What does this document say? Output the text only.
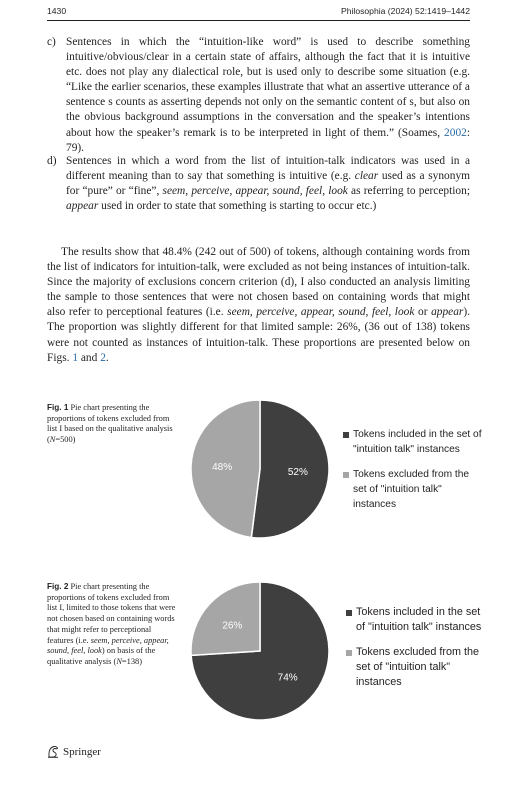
1430	Philosophia (2024) 52:1419–1442
c) Sentences in which the “intuition-like word” is used to describe something intuitive/obvious/clear in a certain state of affairs, although the fact that it is intuitive etc. does not play any dialectical role, but is used only to describe some situation (e.g. “Like the earlier scenarios, these examples illustrate that what an assertive utterance of a sentence s counts as asserting depends not only on the semantic content of s, but also on the obvious background assumptions in the conversation and the speaker’s intentions about how the speaker’s remark is to be interpreted in light of them.” (Soames, 2002: 79).
d) Sentences in which a word from the list of intuition-talk indicators was used in a different meaning than to say that something is intuitive (e.g. clear used as a synonym for “pure” or “fine”, seem, perceive, appear, sound, feel, look as referring to perception; appear used in order to state that something is starting to occur etc.)
The results show that 48.4% (242 out of 500) of tokens, although containing words from the list of indicators for intuition-talk, were excluded as not being instances of intuition-talk. Since the majority of exclusions concern criterion (d), I also conducted an analysis limiting the sample to those sentences that were not chosen based on containing words that might also refer to perceptional features (i.e. seem, perceive, appear, sound, feel, look or appear). The proportion was slightly different for that limited sample: 26%, (36 out of 138) tokens were not counted as instances of intuition-talk. These proportions are presented below on Figs. 1 and 2.
Fig. 1 Pie chart presenting the proportions of tokens excluded from list I based on the qualitative analysis (N=500)
52%
48%
Tokens included in the set of "intuition talk" instances
Tokens excluded from the set of "intuition talk" instances
Fig. 2 Pie chart presenting the proportions of tokens excluded from list I, limited to those tokens that were not chosen based on containing words that might refer to perceptional features (i.e. seem, perceive, appear, sound, feel, look) on basis of the qualitative analysis (N=138)
74%
26%
Tokens included in the set of "intuition talk" instances
Tokens excluded from the set of "intuition talk" instances
Springer
